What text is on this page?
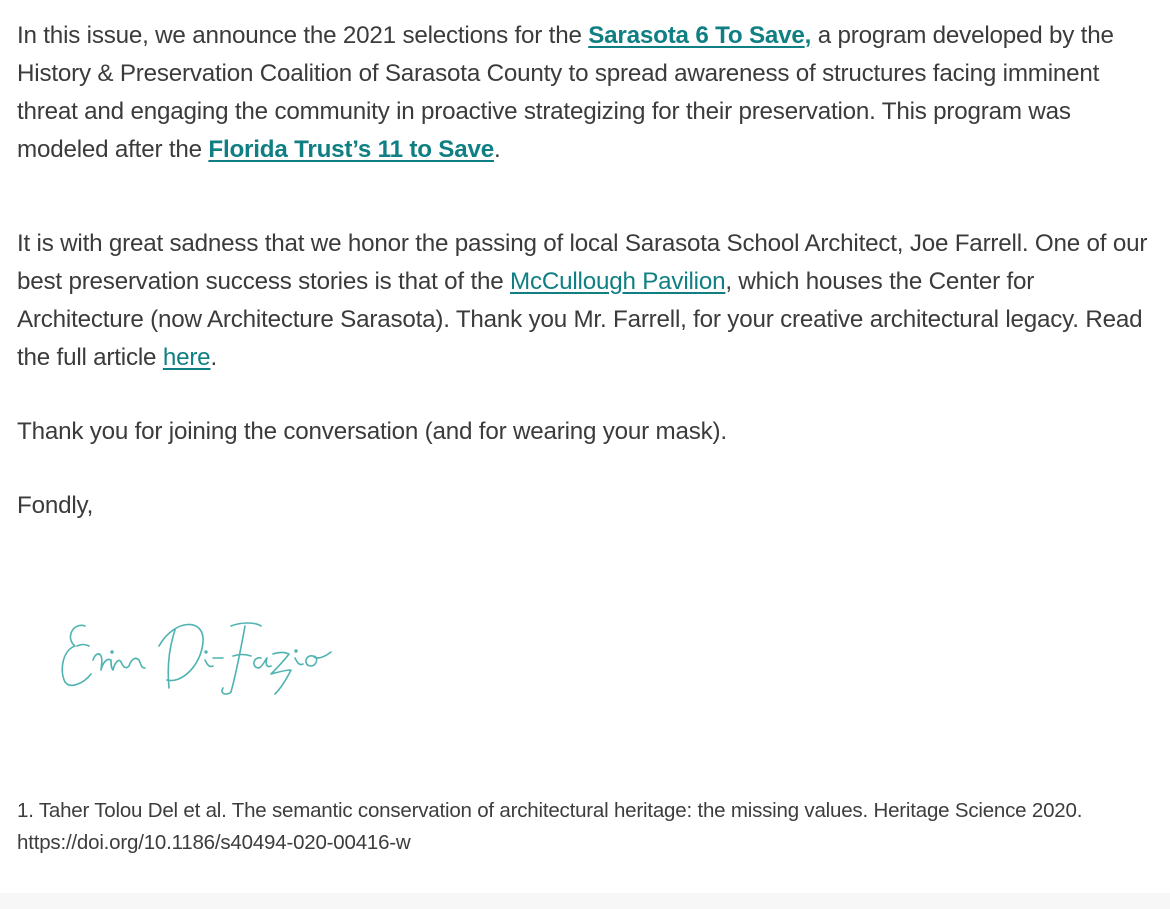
In this issue, we announce the 2021 selections for the Sarasota 6 To Save, a program developed by the History & Preservation Coalition of Sarasota County to spread awareness of structures facing imminent threat and engaging the community in proactive strategizing for their preservation. This program was modeled after the Florida Trust’s 11 to Save.

It is with great sadness that we honor the passing of local Sarasota School Architect, Joe Farrell. One of our best preservation success stories is that of the McCullough Pavilion, which houses the Center for Architecture (now Architecture Sarasota). Thank you Mr. Farrell, for your creative architectural legacy. Read the full article here.

Thank you for joining the conversation (and for wearing your mask).

Fondly,

1. Taher Tolou Del et al. The semantic conservation of architectural heritage: the missing values. Heritage Science 2020. https://doi.org/10.1186/s40494-020-00416-w
